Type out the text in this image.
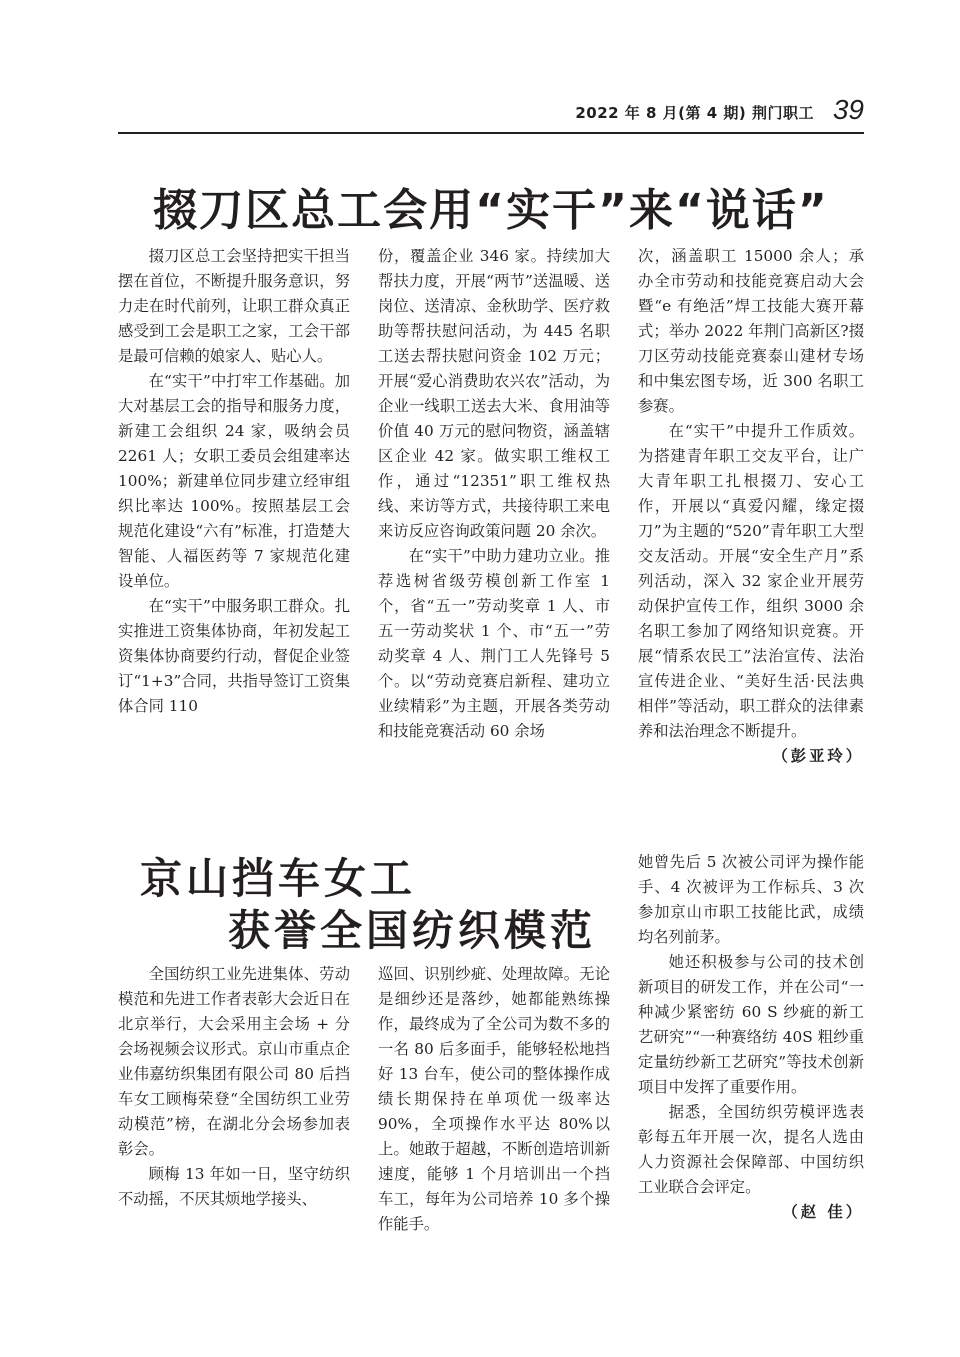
2022 年 8 月(第 4 期) 荆门职工 39
掇刀区总工会用“实干”来“说话”

掇刀区总工会坚持把实干担当摆在首位，不断提升服务意识，努力走在时代前列，让职工群众真正感受到工会是职工之家，工会干部是最可信赖的娘家人、贴心人。

在“实干”中打牢工作基础。加大对基层工会的指导和服务力度，新建工会组织 24 家，吸纳会员 2261 人；女职工委员会组建率达 100%；新建单位同步建立经审组织比率达 100%。按照基层工会规范化建设“六有”标准，打造楚大智能、人福医药等 7 家规范化建设单位。

在“实干”中服务职工群众。扎实推进工资集体协商，年初发起工资集体协商要约行动，督促企业签订“1+3”合同，共指导签订工资集体合同 110

份，覆盖企业 346 家。持续加大帮扶力度，开展“两节”送温暖、送岗位、送清凉、金秋助学、医疗救助等帮扶慰问活动，为 445 名职工送去帮扶慰问资金 102 万元；开展“爱心消费助农兴农”活动，为企业一线职工送去大米、食用油等价值 40 万元的慰问物资，涵盖辖区企业 42 家。做实职工维权工作，通过“12351”职工维权热线、来访等方式，共接待职工来电来访反应咨询政策问题 20 余次。

在“实干”中助力建功立业。推荐选树省级劳模创新工作室 1 个，省“五一”劳动奖章 1 人、市五一劳动奖状 1 个、市“五一”劳动奖章 4 人、荆门工人先锋号 5 个。以“劳动竞赛启新程、建功立业续精彩”为主题，开展各类劳动和技能竞赛活动 60 余场

次，涵盖职工 15000 余人；承办全市劳动和技能竞赛启动大会暨“e 有绝活”焊工技能大赛开幕式；举办 2022 年荆门高新区?掇刀区劳动技能竞赛泰山建材专场和中集宏图专场，近 300 名职工参赛。

在“实干”中提升工作质效。为搭建青年职工交友平台，让广大青年职工扎根掇刀、安心工作，开展以“真爱闪耀，缘定掇刀”为主题的“520”青年职工大型交友活动。开展“安全生产月”系列活动，深入 32 家企业开展劳动保护宣传工作，组织 3000 余名职工参加了网络知识竞赛。开展“情系农民工”法治宣传、法治宣传进企业、“美好生活·民法典相伴”等活动，职工群众的法律素养和法治理念不断提升。
（彭亚玲）

京山挡车女工
获誉全国纺织模范

全国纺织工业先进集体、劳动模范和先进工作者表彰大会近日在北京举行，大会采用主会场 + 分会场视频会议形式。京山市重点企业伟嘉纺织集团有限公司 80 后挡车女工顾梅荣登“全国纺织工业劳动模范”榜，在湖北分会场参加表彰会。

顾梅 13 年如一日，坚守纺织不动摇，不厌其烦地学接头、

巡回、识别纱疵、处理故障。无论是细纱还是落纱，她都能熟练操作，最终成为了全公司为数不多的一名 80 后多面手，能够轻松地挡好 13 台车，使公司的整体操作成绩长期保持在单项优一级率达 90%，全项操作水平达 80%以上。她敢于超越，不断创造培训新速度，能够 1 个月培训出一个挡车工，每年为公司培养 10 多个操作能手。

她曾先后 5 次被公司评为操作能手、4 次被评为工作标兵、3 次参加京山市职工技能比武，成绩均名列前茅。

她还积极参与公司的技术创新项目的研发工作，并在公司“一种减少紧密纺 60 S 纱疵的新工艺研究”“一种赛络纺 40S 粗纱重定量纺纱新工艺研究”等技术创新项目中发挥了重要作用。

据悉，全国纺织劳模评选表彰每五年开展一次，提名人选由人力资源社会保障部、中国纺织工业联合会评定。
（赵 佳）
